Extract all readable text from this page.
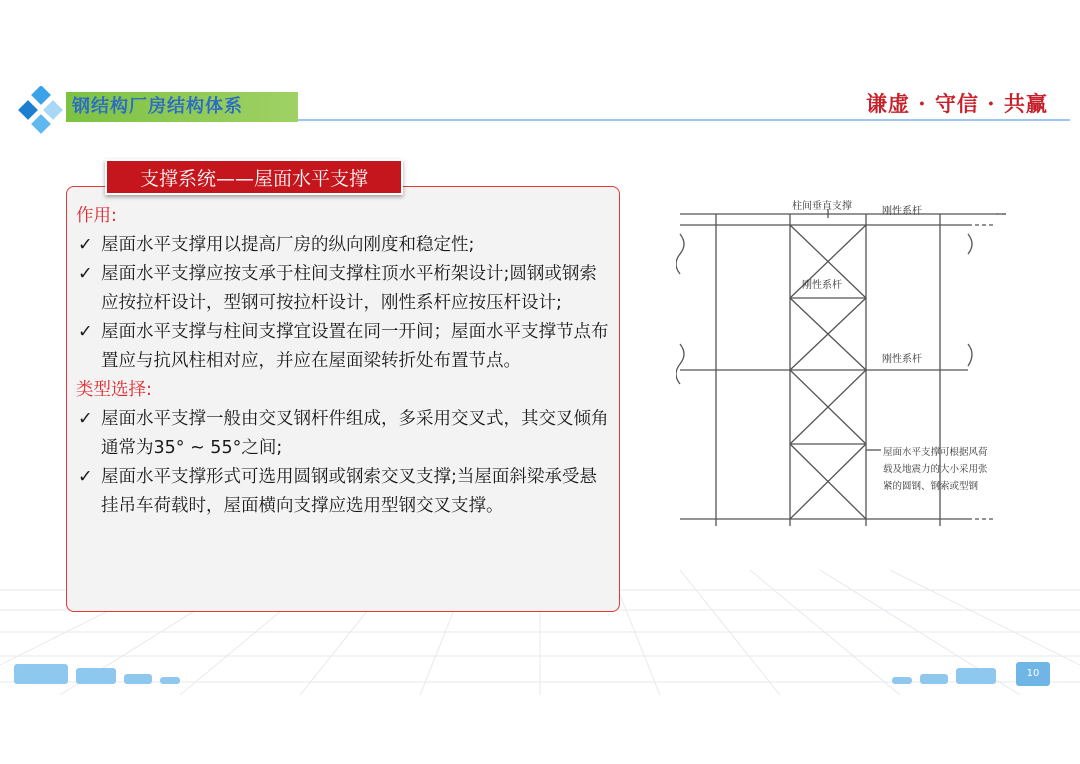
钢结构厂房结构体系	谦虚 · 守信 · 共赢
支撑系统——屋面水平支撑
作用:
✓ 屋面水平支撑用以提高厂房的纵向刚度和稳定性;
✓ 屋面水平支撑应按支承于柱间支撑柱顶水平桁架设计;圆钢或钢索应按拉杆设计，型钢可按拉杆设计，刚性系杆应按压杆设计;
✓ 屋面水平支撑与柱间支撑宜设置在同一开间；屋面水平支撑节点布置应与抗风柱相对应，并应在屋面梁转折处布置节点。
类型选择:
✓ 屋面水平支撑一般由交叉钢杆件组成，多采用交叉式，其交叉倾角通常为35° ~ 55°之间;
✓ 屋面水平支撑形式可选用圆钢或钢索交叉支撑;当屋面斜梁承受悬挂吊车荷载时，屋面横向支撑应选用型钢交叉支撑。
柱间垂直支撑	刚性系杆
刚性系杆
刚性系杆
屋面水平支撑可根据风荷
载及地震力的大小采用张
紧的圆钢、钢索或型钢
10
